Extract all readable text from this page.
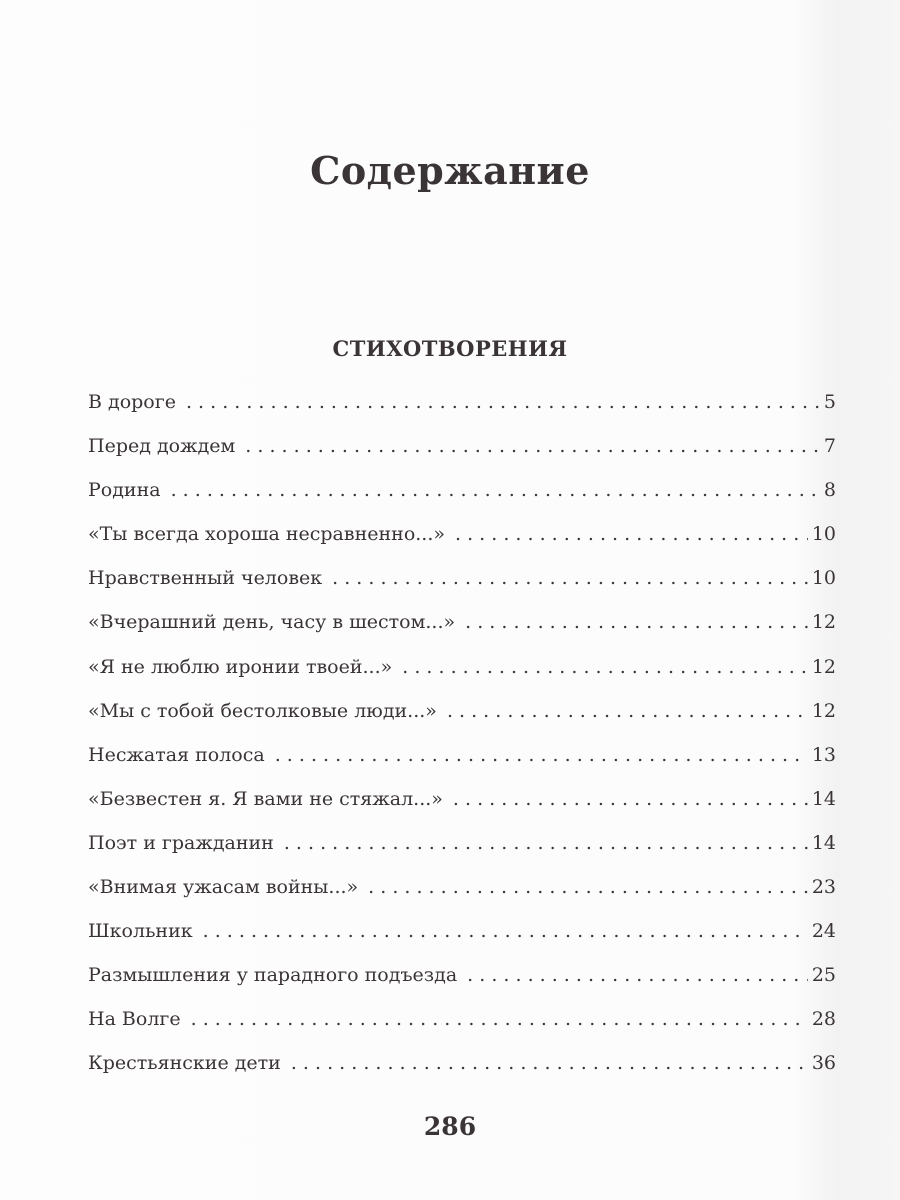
Содержание
СТИХОТВОРЕНИЯ
В дороге . . .	5
Перед дождем . . .	7
Родина . . .	8
«Ты всегда хороша несравненно...» . . .	10
Нравственный человек . . .	10
«Вчерашний день, часу в шестом...» . . .	12
«Я не люблю иронии твоей...» . . .	12
«Мы с тобой бестолковые люди...» . . .	12
Несжатая полоса . . .	13
«Безвестен я. Я вами не стяжал...» . . .	14
Поэт и гражданин . . .	14
«Внимая ужасам войны...» . . .	23
Школьник . . .	24
Размышления у парадного подъезда . . .	25
На Волге . . .	28
Крестьянские дети . . .	36
286
